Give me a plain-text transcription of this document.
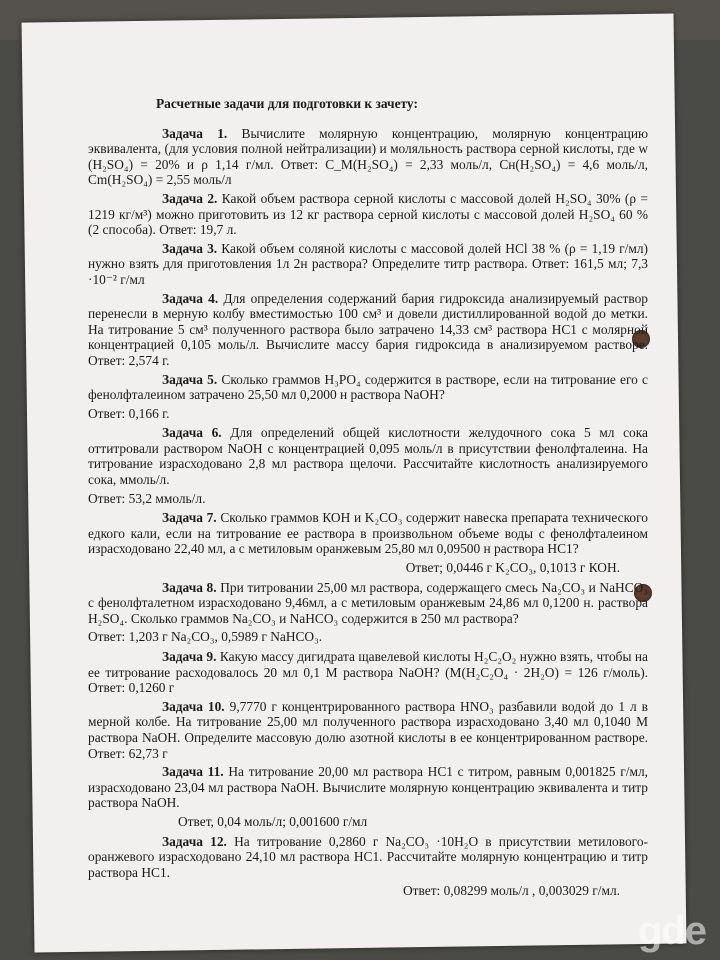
Расчетные задачи для подготовки к зачету:
Задача 1. Вычислите молярную концентрацию, молярную концентрацию эквивалента, (для условия полной нейтрализации) и моляльность раствора серной кислоты, где w (H₂SO₄) = 20% и ρ 1,14 г/мл. Ответ: C_M(H₂SO₄) = 2,33 моль/л, Cн(H₂SO₄) = 4,6 моль/л, Cm(H₂SO₄) = 2,55 моль/л
Задача 2. Какой объем раствора серной кислоты с массовой долей H₂SO₄ 30% (ρ = 1219 кг/м³) можно приготовить из 12 кг раствора серной кислоты с массовой долей H₂SO₄ 60 % (2 способа). Ответ: 19,7 л.
Задача 3. Какой объем соляной кислоты с массовой долей HCl 38 % (ρ = 1,19 г/мл) нужно взять для приготовления 1л 2н раствора? Определите титр раствора. Ответ: 161,5 мл; 7,3 ·10⁻² г/мл
Задача 4. Для определения содержаний бария гидроксида анализируемый раствор перенесли в мерную колбу вместимостью 100 см³ и довели дистиллированной водой до метки. На титрование 5 см³ полученного раствора было затрачено 14,33 см³ раствора HC1 с молярной концентрацией 0,105 моль/л. Вычислите массу бария гидроксида в анализируемом растворе. Ответ: 2,574 г.
Задача 5. Сколько граммов H₃PO₄ содержится в растворе, если на титрование его с фенолфталеином затрачено 25,50 мл 0,2000 н раствора NaOH?
Ответ: 0,166 г.
Задача 6. Для определений общей кислотности желудочного сока 5 мл сока оттитровали раствором NaOH с концентрацией 0,095 моль/л в присутствии фенолфталеина. На титрование израсходовано 2,8 мл раствора щелочи. Рассчитайте кислотность анализируемого сока, ммоль/л.
Ответ: 53,2 ммоль/л.
Задача 7. Сколько граммов КОН и K₂CO₃ содержит навеска препарата технического едкого кали, если на титрование ее раствора в произвольном объеме воды с фенолфталеином израсходовано 22,40 мл, а с метиловым оранжевым 25,80 мл 0,09500 н раствора HC1?
Ответ; 0,0446 г K₂CO₃, 0,1013 г КОН.
Задача 8. При титровании 25,00 мл раствора, содержащего смесь Na₂CO₃ и NaHCO₃ с фенолфталетном израсходовано 9,46мл, а с метиловым оранжевым 24,86 мл 0,1200 н. раствора H₂SO₄. Сколько граммов Na₂CO₃ и NaHCO₃ содержится в 250 мл раствора?
Ответ: 1,203 г Na₂CO₃, 0,5989 г NaHCO₃.
Задача 9. Какую массу дигидрата щавелевой кислоты H₂C₂O₂ нужно взять, чтобы на ее титрование расходовалось 20 мл 0,1 М раствора NaOH? (M(H₂C₂O₄ · 2H₂O) = 126 г/моль). Ответ: 0,1260 г
Задача 10. 9,7770 г концентрированного раствора HNO₃ разбавили водой до 1 л в мерной колбе. На титрование 25,00 мл полученного раствора израсходовано 3,40 мл 0,1040 М раствора NaOH. Определите массовую долю азотной кислоты в ее концентрированном растворе. Ответ: 62,73 г
Задача 11. На титрование 20,00 мл раствора HC1 с титром, равным 0,001825 г/мл, израсходовано 23,04 мл раствора NaOH. Вычислите молярную концентрацию эквивалента и титр раствора NaOH.
Ответ, 0,04 моль/л; 0,001600 г/мл
Задача 12. На титрование 0,2860 г Na₂CO₃ ·10H₂O в присутствии метилового-оранжевого израсходовано 24,10 мл раствора HC1. Рассчитайте молярную концентрацию и титр раствора HC1.
Ответ: 0,08299 моль/л , 0,003029 г/мл.
gde
